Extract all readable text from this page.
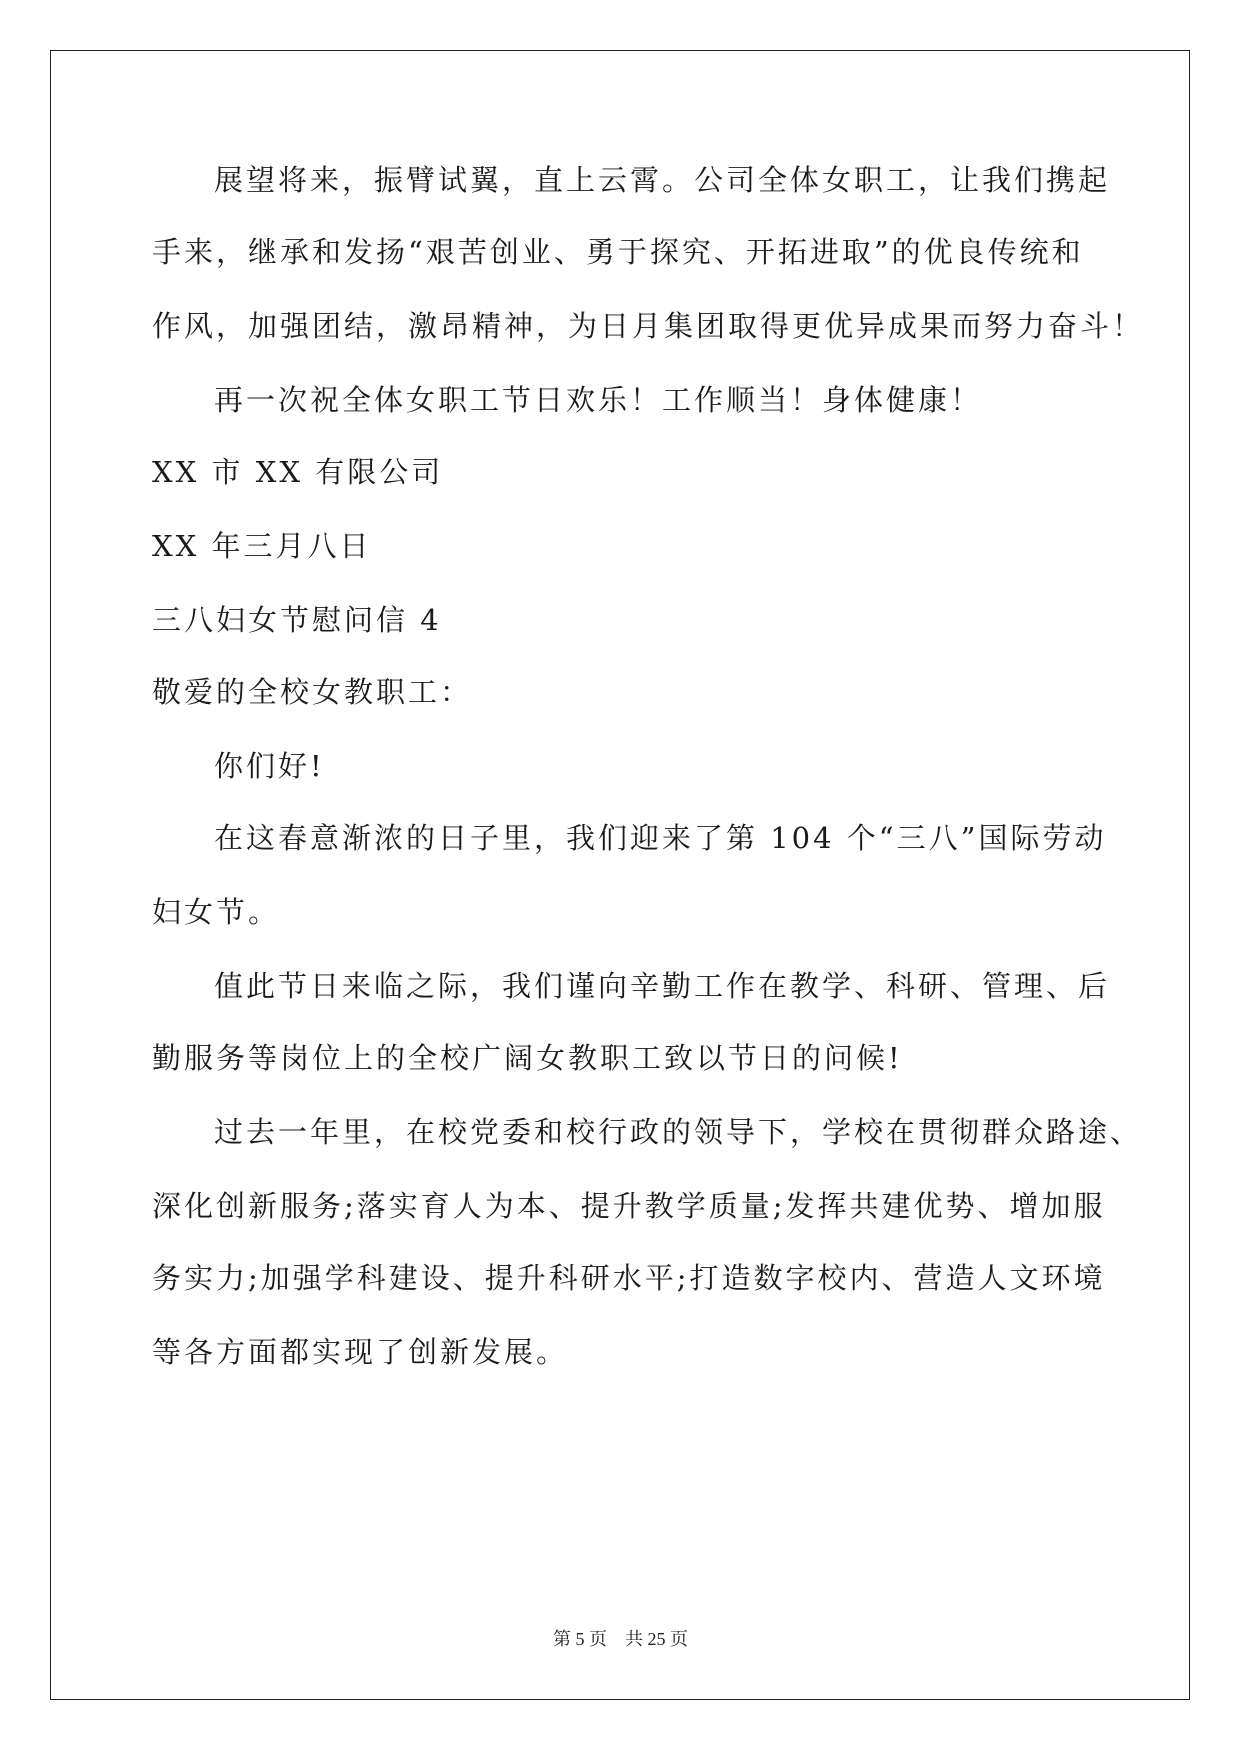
展望将来，振臂试翼，直上云霄。公司全体女职工，让我们携起
手来，继承和发扬“艰苦创业、勇于探究、开拓进取”的优良传统和
作风，加强团结，激昂精神，为日月集团取得更优异成果而努力奋斗！
再一次祝全体女职工节日欢乐！工作顺当！身体健康！
XX 市 XX 有限公司
XX 年三月八日
三八妇女节慰问信 4
敬爱的全校女教职工：
你们好!
在这春意渐浓的日子里，我们迎来了第 104 个“三八”国际劳动
妇女节。
值此节日来临之际，我们谨向辛勤工作在教学、科研、管理、后
勤服务等岗位上的全校广阔女教职工致以节日的问候!
过去一年里，在校党委和校行政的领导下，学校在贯彻群众路途、
深化创新服务;落实育人为本、提升教学质量;发挥共建优势、增加服
务实力;加强学科建设、提升科研水平;打造数字校内、营造人文环境
等各方面都实现了创新发展。
第 5 页 共 25 页
